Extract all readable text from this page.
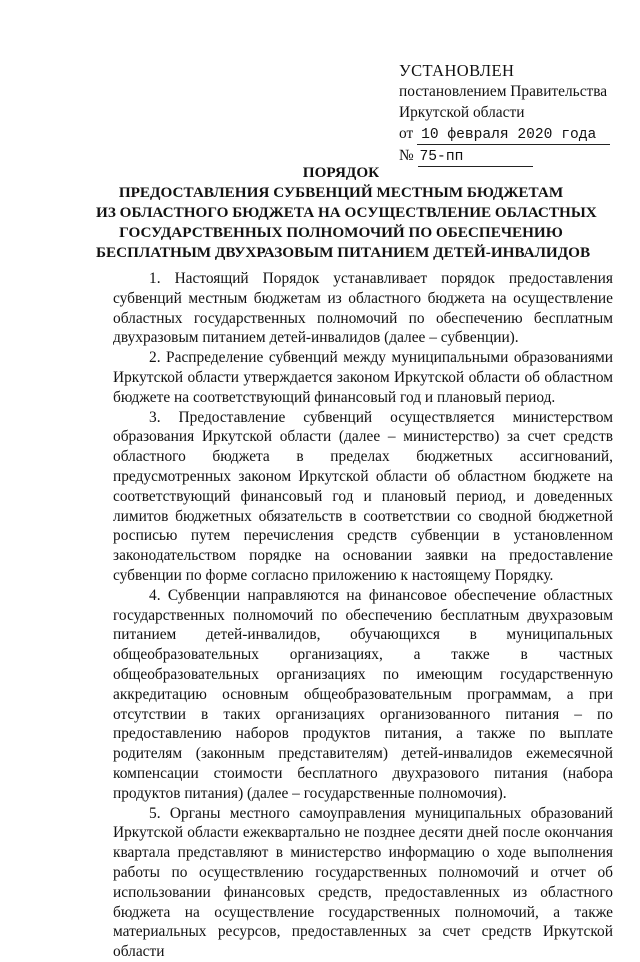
УСТАНОВЛЕН
постановлением Правительства
Иркутской области
от 10 февраля 2020 года
№ 75-пп
ПОРЯДОК
ПРЕДОСТАВЛЕНИЯ СУБВЕНЦИЙ МЕСТНЫМ БЮДЖЕТАМ
ИЗ ОБЛАСТНОГО БЮДЖЕТА НА ОСУЩЕСТВЛЕНИЕ ОБЛАСТНЫХ
ГОСУДАРСТВЕННЫХ ПОЛНОМОЧИЙ ПО ОБЕСПЕЧЕНИЮ
БЕСПЛАТНЫМ ДВУХРАЗОВЫМ ПИТАНИЕМ ДЕТЕЙ-ИНВАЛИДОВ

1. Настоящий Порядок устанавливает порядок предоставления субвенций местным бюджетам из областного бюджета на осуществление областных государственных полномочий по обеспечению бесплатным двухразовым питанием детей-инвалидов (далее – субвенции).

2. Распределение субвенций между муниципальными образованиями Иркутской области утверждается законом Иркутской области об областном бюджете на соответствующий финансовый год и плановый период.

3. Предоставление субвенций осуществляется министерством образования Иркутской области (далее – министерство) за счет средств областного бюджета в пределах бюджетных ассигнований, предусмотренных законом Иркутской области об областном бюджете на соответствующий финансовый год и плановый период, и доведенных лимитов бюджетных обязательств в соответствии со сводной бюджетной росписью путем перечисления средств субвенции в установленном законодательством порядке на основании заявки на предоставление субвенции по форме согласно приложению к настоящему Порядку.

4. Субвенции направляются на финансовое обеспечение областных государственных полномочий по обеспечению бесплатным двухразовым питанием детей-инвалидов, обучающихся в муниципальных общеобразовательных организациях, а также в частных общеобразовательных организациях по имеющим государственную аккредитацию основным общеобразовательным программам, а при отсутствии в таких организациях организованного питания – по предоставлению наборов продуктов питания, а также по выплате родителям (законным представителям) детей-инвалидов ежемесячной компенсации стоимости бесплатного двухразового питания (набора продуктов питания) (далее – государственные полномочия).

5. Органы местного самоуправления муниципальных образований Иркутской области ежеквартально не позднее десяти дней после окончания квартала представляют в министерство информацию о ходе выполнения работы по осуществлению государственных полномочий и отчет об использовании финансовых средств, предоставленных из областного бюджета на осуществление государственных полномочий, а также материальных ресурсов, предоставленных за счет средств Иркутской области
